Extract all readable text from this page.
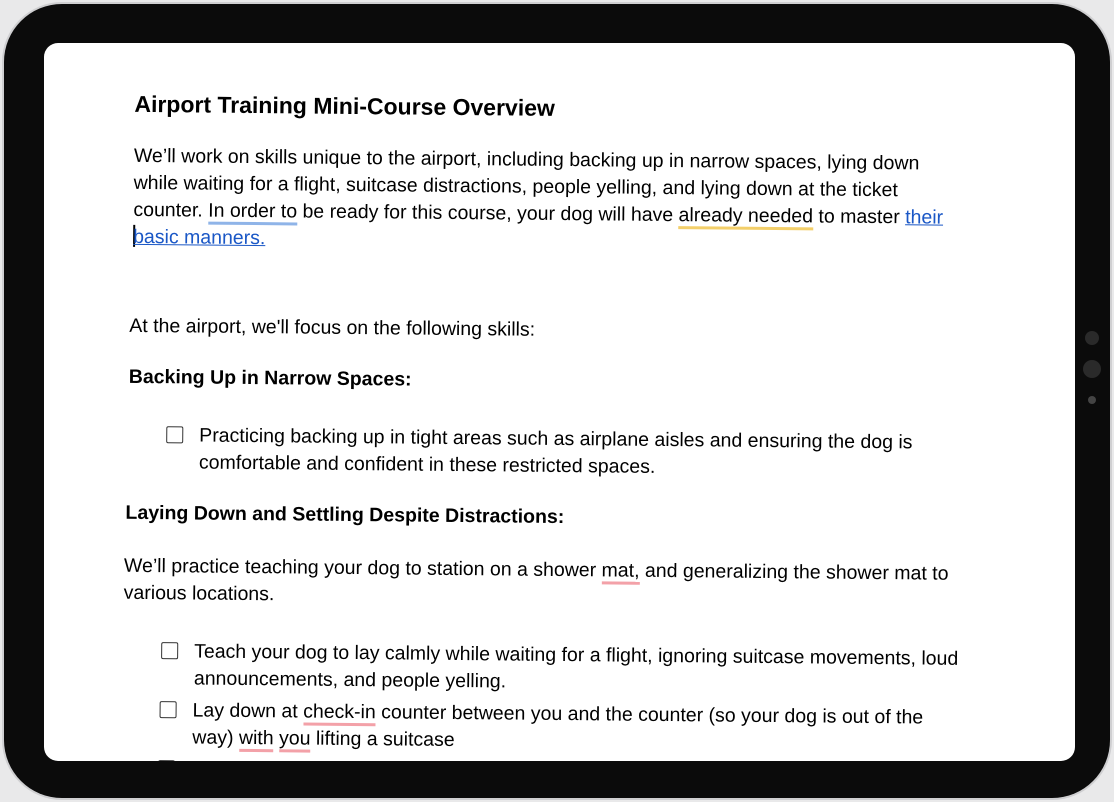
Airport Training Mini-Course Overview
We’ll work on skills unique to the airport, including backing up in narrow spaces, lying down
while waiting for a flight, suitcase distractions, people yelling, and lying down at the ticket
counter. In order to be ready for this course, your dog will have already needed to master their
basic manners.
At the airport, we'll focus on the following skills:
Backing Up in Narrow Spaces:
Practicing backing up in tight areas such as airplane aisles and ensuring the dog is
comfortable and confident in these restricted spaces.
Laying Down and Settling Despite Distractions:
We’ll practice teaching your dog to station on a shower mat, and generalizing the shower mat to
various locations.
Teach your dog to lay calmly while waiting for a flight, ignoring suitcase movements, loud
announcements, and people yelling.
Lay down at check-in counter between you and the counter (so your dog is out of the
way) with you lifting a suitcase
